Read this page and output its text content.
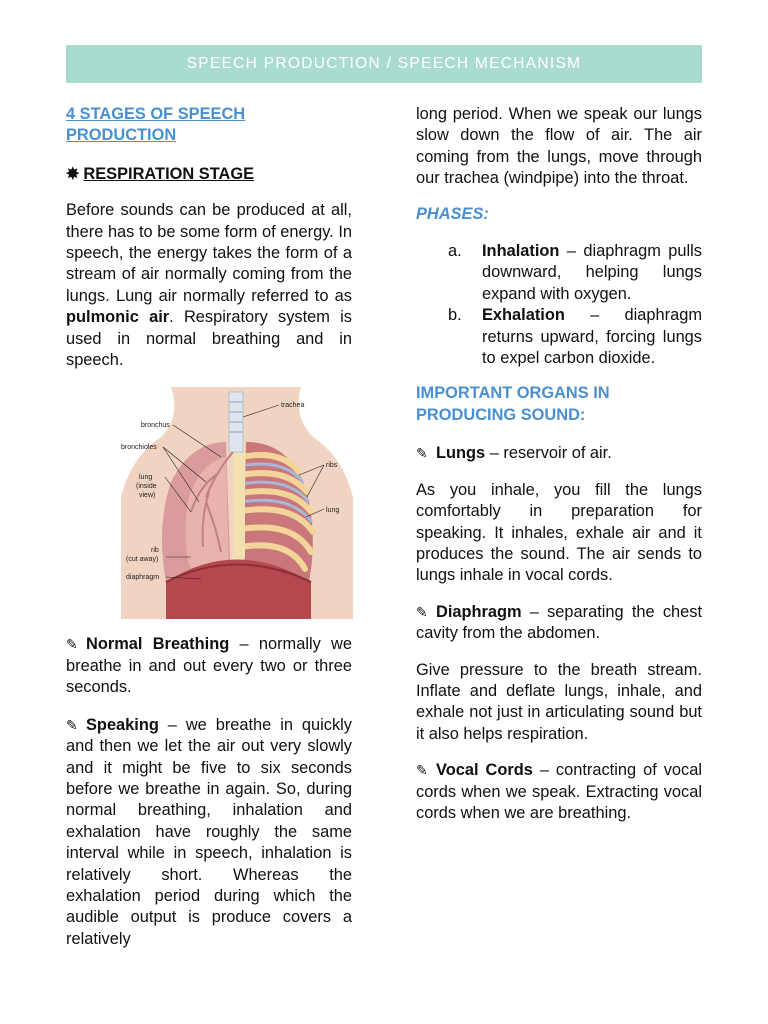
SPEECH PRODUCTION / SPEECH MECHANISM
4 STAGES OF SPEECH PRODUCTION
✸ RESPIRATION STAGE

Before sounds can be produced at all, there has to be some form of energy. In speech, the energy takes the form of a stream of air normally coming from the lungs. Lung air normally referred to as pulmonic air. Respiratory system is used in normal breathing and in speech.

trachea
bronchus
bronchioles
lung
(inside
view)
ribs
lung
rib
(cut away)
diaphragm

✎ Normal Breathing – normally we breathe in and out every two or three seconds.

✎ Speaking – we breathe in quickly and then we let the air out very slowly and it might be five to six seconds before we breathe in again. So, during normal breathing, inhalation and exhalation have roughly the same interval while in speech, inhalation is relatively short. Whereas the exhalation period during which the audible output is produce covers a relatively

long period. When we speak our lungs slow down the flow of air. The air coming from the lungs, move through our trachea (windpipe) into the throat.

PHASES:
a. Inhalation – diaphragm pulls downward, helping lungs expand with oxygen.
b. Exhalation – diaphragm returns upward, forcing lungs to expel carbon dioxide.
IMPORTANT ORGANS IN PRODUCING SOUND:

✎ Lungs – reservoir of air.

As you inhale, you fill the lungs comfortably in preparation for speaking. It inhales, exhale air and it produces the sound. The air sends to lungs inhale in vocal cords.

✎ Diaphragm – separating the chest cavity from the abdomen.

Give pressure to the breath stream. Inflate and deflate lungs, inhale, and exhale not just in articulating sound but it also helps respiration.

✎ Vocal Cords – contracting of vocal cords when we speak. Extracting vocal cords when we are breathing.
